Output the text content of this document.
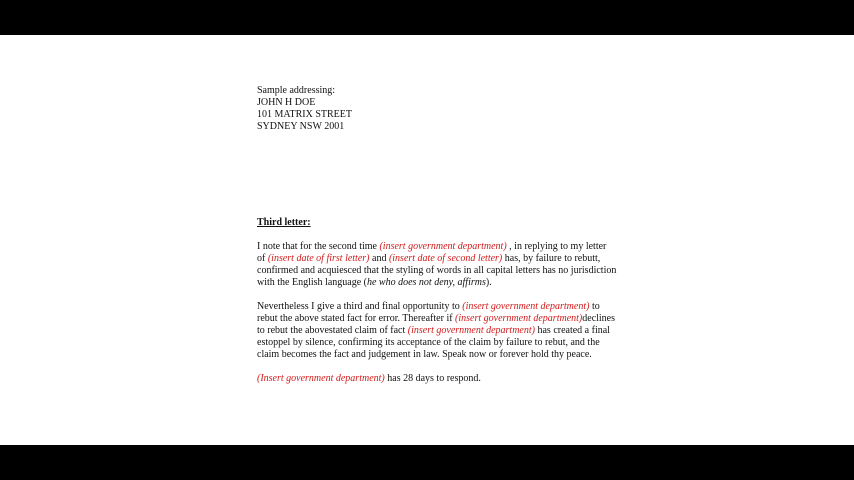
Sample addressing:

JOHN H DOE

101 MATRIX STREET

SYDNEY NSW 2001

Third letter:

I note that for the second time (insert government department) , in replying to my letter of (insert date of first letter) and (insert date of second letter) has, by failure to rebutt, confirmed and acquiesced that the styling of words in all capital letters has no jurisdiction with the English language (he who does not deny, affirms).

Nevertheless I give a third and final opportunity to (insert government department) to rebut the above stated fact for error. Thereafter if (insert government department)declines to rebut the abovestated claim of fact (insert government department) has created a final estoppel by silence, confirming its acceptance of the claim by failure to rebut, and the claim becomes the fact and judgement in law. Speak now or forever hold thy peace.

(Insert government department) has 28 days to respond.
